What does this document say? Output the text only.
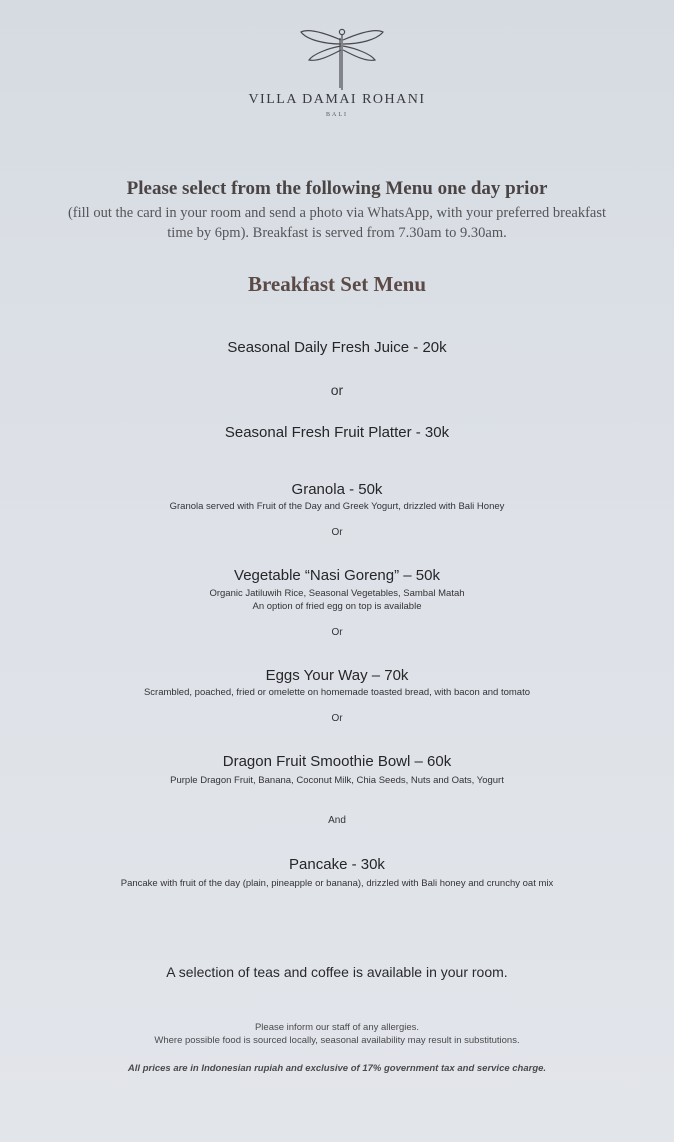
VILLA DAMAI ROHANI
BALI
Please select from the following Menu one day prior
(fill out the card in your room and send a photo via WhatsApp, with your preferred breakfast
time by 6pm). Breakfast is served from 7.30am to 9.30am.
Breakfast Set Menu
Seasonal Daily Fresh Juice - 20k
or
Seasonal Fresh Fruit Platter - 30k
Granola - 50k
Granola served with Fruit of the Day and Greek Yogurt, drizzled with Bali Honey
Or
Vegetable “Nasi Goreng” – 50k
Organic Jatiluwih Rice, Seasonal Vegetables, Sambal Matah
An option of fried egg on top is available
Or
Eggs Your Way – 70k
Scrambled, poached, fried or omelette on homemade toasted bread, with bacon and tomato
Or
Dragon Fruit Smoothie Bowl – 60k
Purple Dragon Fruit, Banana, Coconut Milk, Chia Seeds, Nuts and Oats, Yogurt
And
Pancake - 30k
Pancake with fruit of the day (plain, pineapple or banana), drizzled with Bali honey and crunchy oat mix
A selection of teas and coffee is available in your room.
Please inform our staff of any allergies.
Where possible food is sourced locally, seasonal availability may result in substitutions.
All prices are in Indonesian rupiah and exclusive of 17% government tax and service charge.
